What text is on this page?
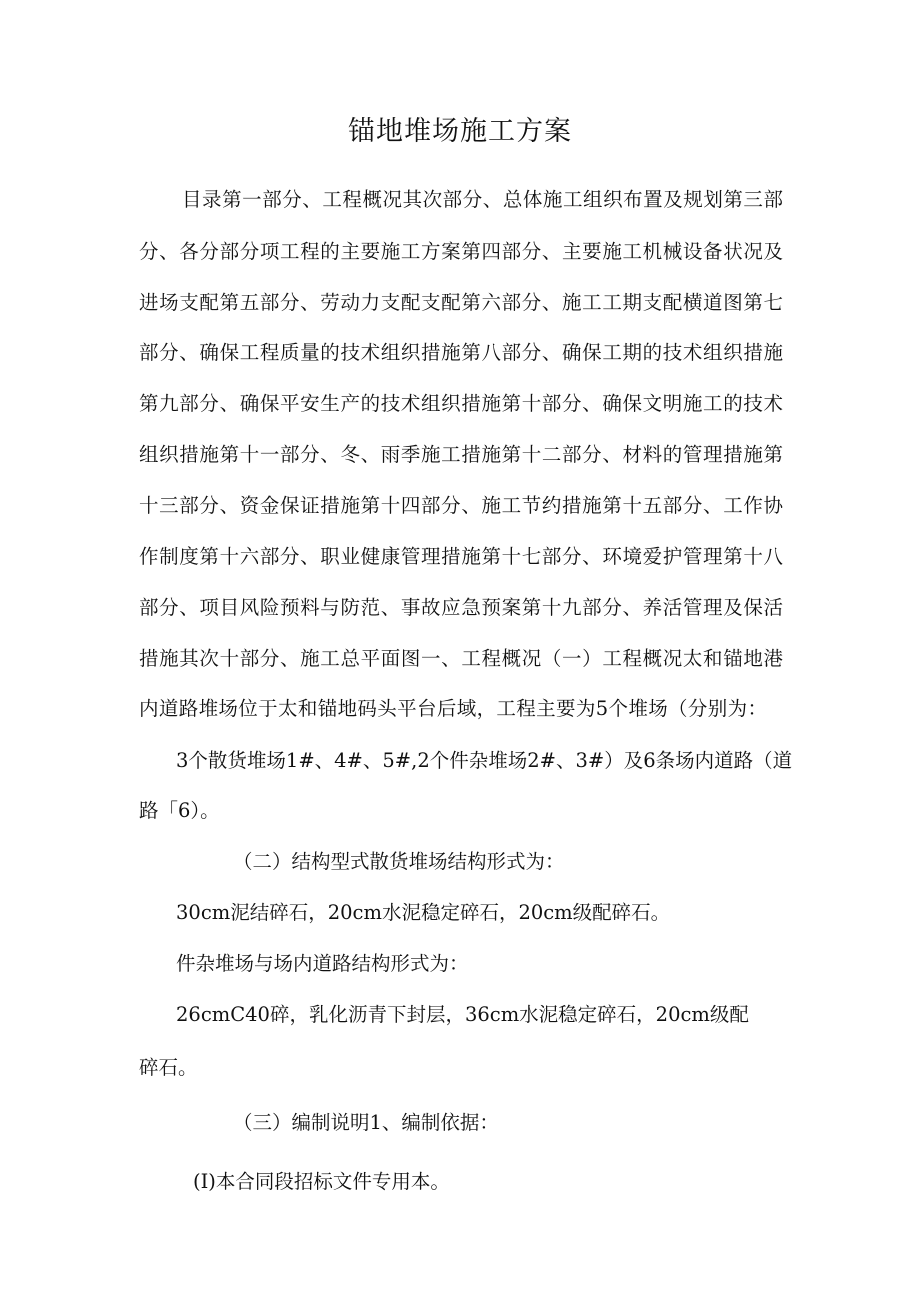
锚地堆场施工方案
目录第一部分、工程概况其次部分、总体施工组织布置及规划第三部
分、各分部分项工程的主要施工方案第四部分、主要施工机械设备状况及
进场支配第五部分、劳动力支配支配第六部分、施工工期支配横道图第七
部分、确保工程质量的技术组织措施第八部分、确保工期的技术组织措施
第九部分、确保平安生产的技术组织措施第十部分、确保文明施工的技术
组织措施第十一部分、冬、雨季施工措施第十二部分、材料的管理措施第
十三部分、资金保证措施第十四部分、施工节约措施第十五部分、工作协
作制度第十六部分、职业健康管理措施第十七部分、环境爱护管理第十八
部分、项目风险预料与防范、事故应急预案第十九部分、养活管理及保活
措施其次十部分、施工总平面图一、工程概况（一）工程概况太和锚地港
内道路堆场位于太和锚地码头平台后域，工程主要为5个堆场（分别为：
3个散货堆场1#、4#、5#,2个件杂堆场2#、3#）及6条场内道路（道
路「6）。
（二）结构型式散货堆场结构形式为：
30cm泥结碎石，20cm水泥稳定碎石，20cm级配碎石。
件杂堆场与场内道路结构形式为：
26cmC40碎，乳化沥青下封层，36cm水泥稳定碎石，20cm级配
碎石。
（三）编制说明1、编制依据：
(I)本合同段招标文件专用本。
